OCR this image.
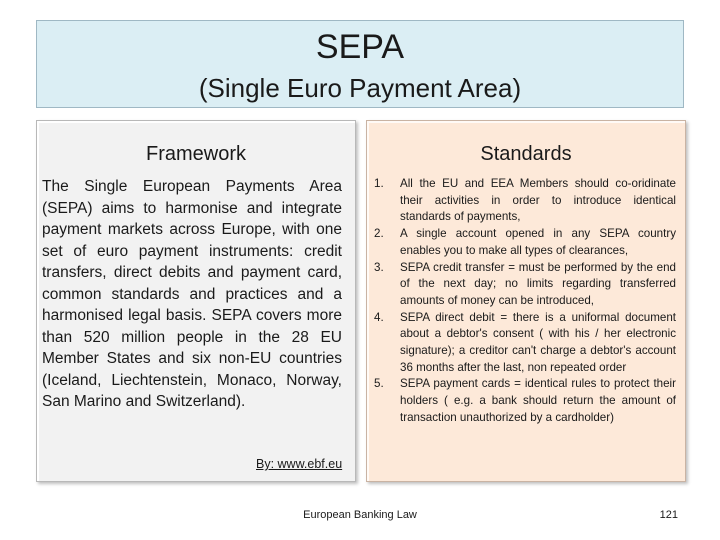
SEPA
(Single Euro Payment Area)
Framework	Standards

The Single European Payments Area (SEPA) aims to harmonise and integrate payment markets across Europe, with one set of euro payment instruments: credit transfers, direct debits and payment card, common standards and practices and a harmonised legal basis. SEPA covers more than 520 million people in the 28 EU Member States and six non-EU countries (Iceland, Liechtenstein, Monaco, Norway, San Marino and Switzerland).

By: www.ebf.eu
1. All the EU and EEA Members should co-oridinate their activities in order to introduce identical standards of payments,
2. A single account opened in any SEPA country enables you to make all types of clearances,
3. SEPA credit transfer = must be performed by the end of the next day; no limits regarding transferred amounts of money can be introduced,
4. SEPA direct debit = there is a uniformal document about a debtor's consent ( with his / her electronic signature); a creditor can't charge a debtor's account 36 months after the last, non repeated order
5. SEPA payment cards = identical rules to protect their holders ( e.g. a bank should return the amount of transaction unauthorized by a cardholder)
European Banking Law	121
